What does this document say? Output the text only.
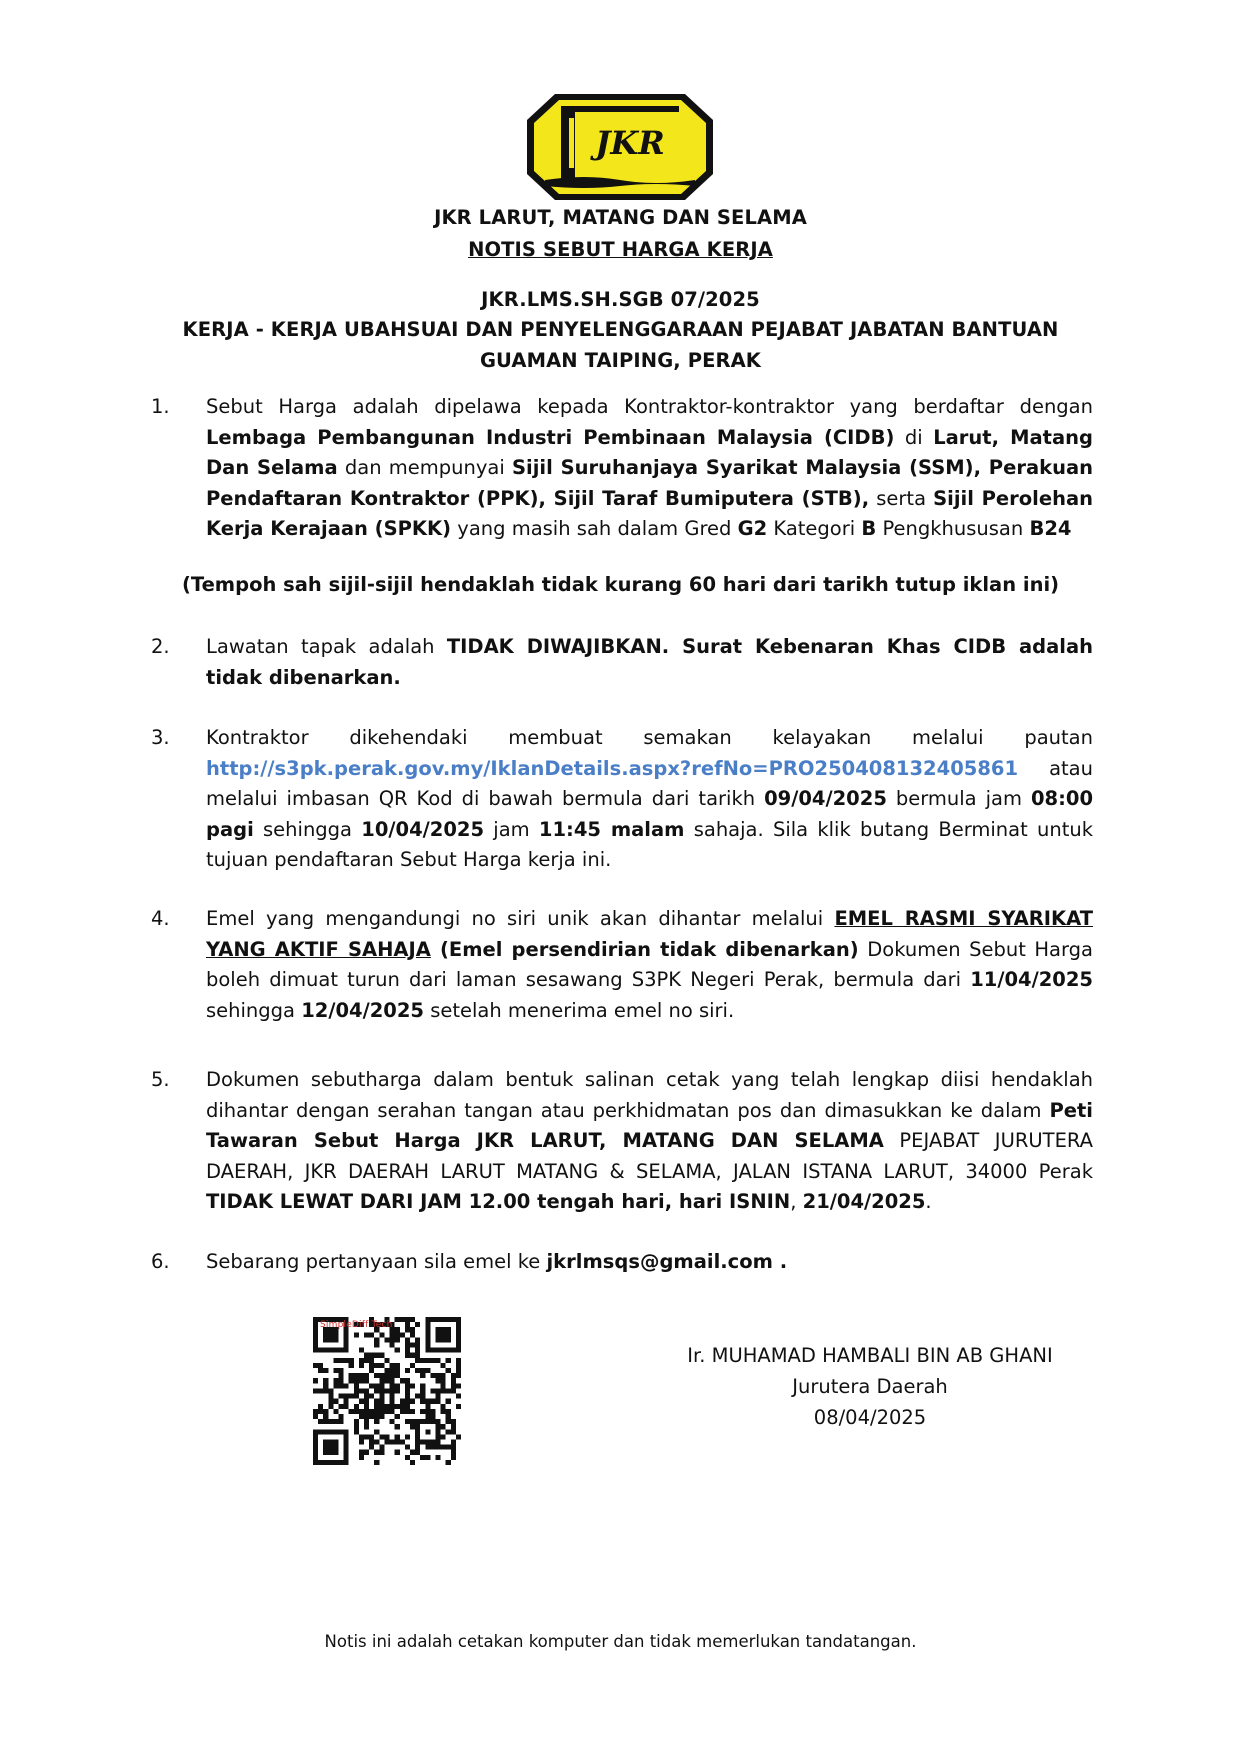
JKR
JKR LARUT, MATANG DAN SELAMA
NOTIS SEBUT HARGA KERJA
JKR.LMS.SH.SGB 07/2025
KERJA - KERJA UBAHSUAI DAN PENYELENGGARAAN PEJABAT JABATAN BANTUAN
GUAMAN TAIPING, PERAK
1.	Sebut Harga adalah dipelawa kepada Kontraktor-kontraktor yang berdaftar dengan Lembaga Pembangunan Industri Pembinaan Malaysia (CIDB) di Larut, Matang Dan Selama dan mempunyai Sijil Suruhanjaya Syarikat Malaysia (SSM), Perakuan Pendaftaran Kontraktor (PPK), Sijil Taraf Bumiputera (STB), serta Sijil Perolehan Kerja Kerajaan (SPKK) yang masih sah dalam Gred G2 Kategori B Pengkhususan B24
(Tempoh sah sijil-sijil hendaklah tidak kurang 60 hari dari tarikh tutup iklan ini)
2.	Lawatan tapak adalah TIDAK DIWAJIBKAN. Surat Kebenaran Khas CIDB adalah tidak dibenarkan.
3.	Kontraktor dikehendaki membuat semakan kelayakan melalui pautan http://s3pk.perak.gov.my/IklanDetails.aspx?refNo=PRO250408132405861 atau melalui imbasan QR Kod di bawah bermula dari tarikh 09/04/2025 bermula jam 08:00 pagi sehingga 10/04/2025 jam 11:45 malam sahaja. Sila klik butang Berminat untuk tujuan pendaftaran Sebut Harga kerja ini.
4.	Emel yang mengandungi no siri unik akan dihantar melalui EMEL RASMI SYARIKAT YANG AKTIF SAHAJA (Emel persendirian tidak dibenarkan) Dokumen Sebut Harga boleh dimuat turun dari laman sesawang S3PK Negeri Perak, bermula dari 11/04/2025 sehingga 12/04/2025 setelah menerima emel no siri.
5.	Dokumen sebutharga dalam bentuk salinan cetak yang telah lengkap diisi hendaklah dihantar dengan serahan tangan atau perkhidmatan pos dan dimasukkan ke dalam Peti Tawaran Sebut Harga JKR LARUT, MATANG DAN SELAMA PEJABAT JURUTERA DAERAH, JKR DAERAH LARUT MATANG & SELAMA, JALAN ISTANA LARUT, 34000 Perak TIDAK LEWAT DARI JAM 12.00 tengah hari, hari ISNIN, 21/04/2025.
6.	Sebarang pertanyaan sila emel ke jkrlmsqs@gmail.com .
SimpleDiff Tech
Ir. MUHAMAD HAMBALI BIN AB GHANI
Jurutera Daerah
08/04/2025
Notis ini adalah cetakan komputer dan tidak memerlukan tandatangan.
